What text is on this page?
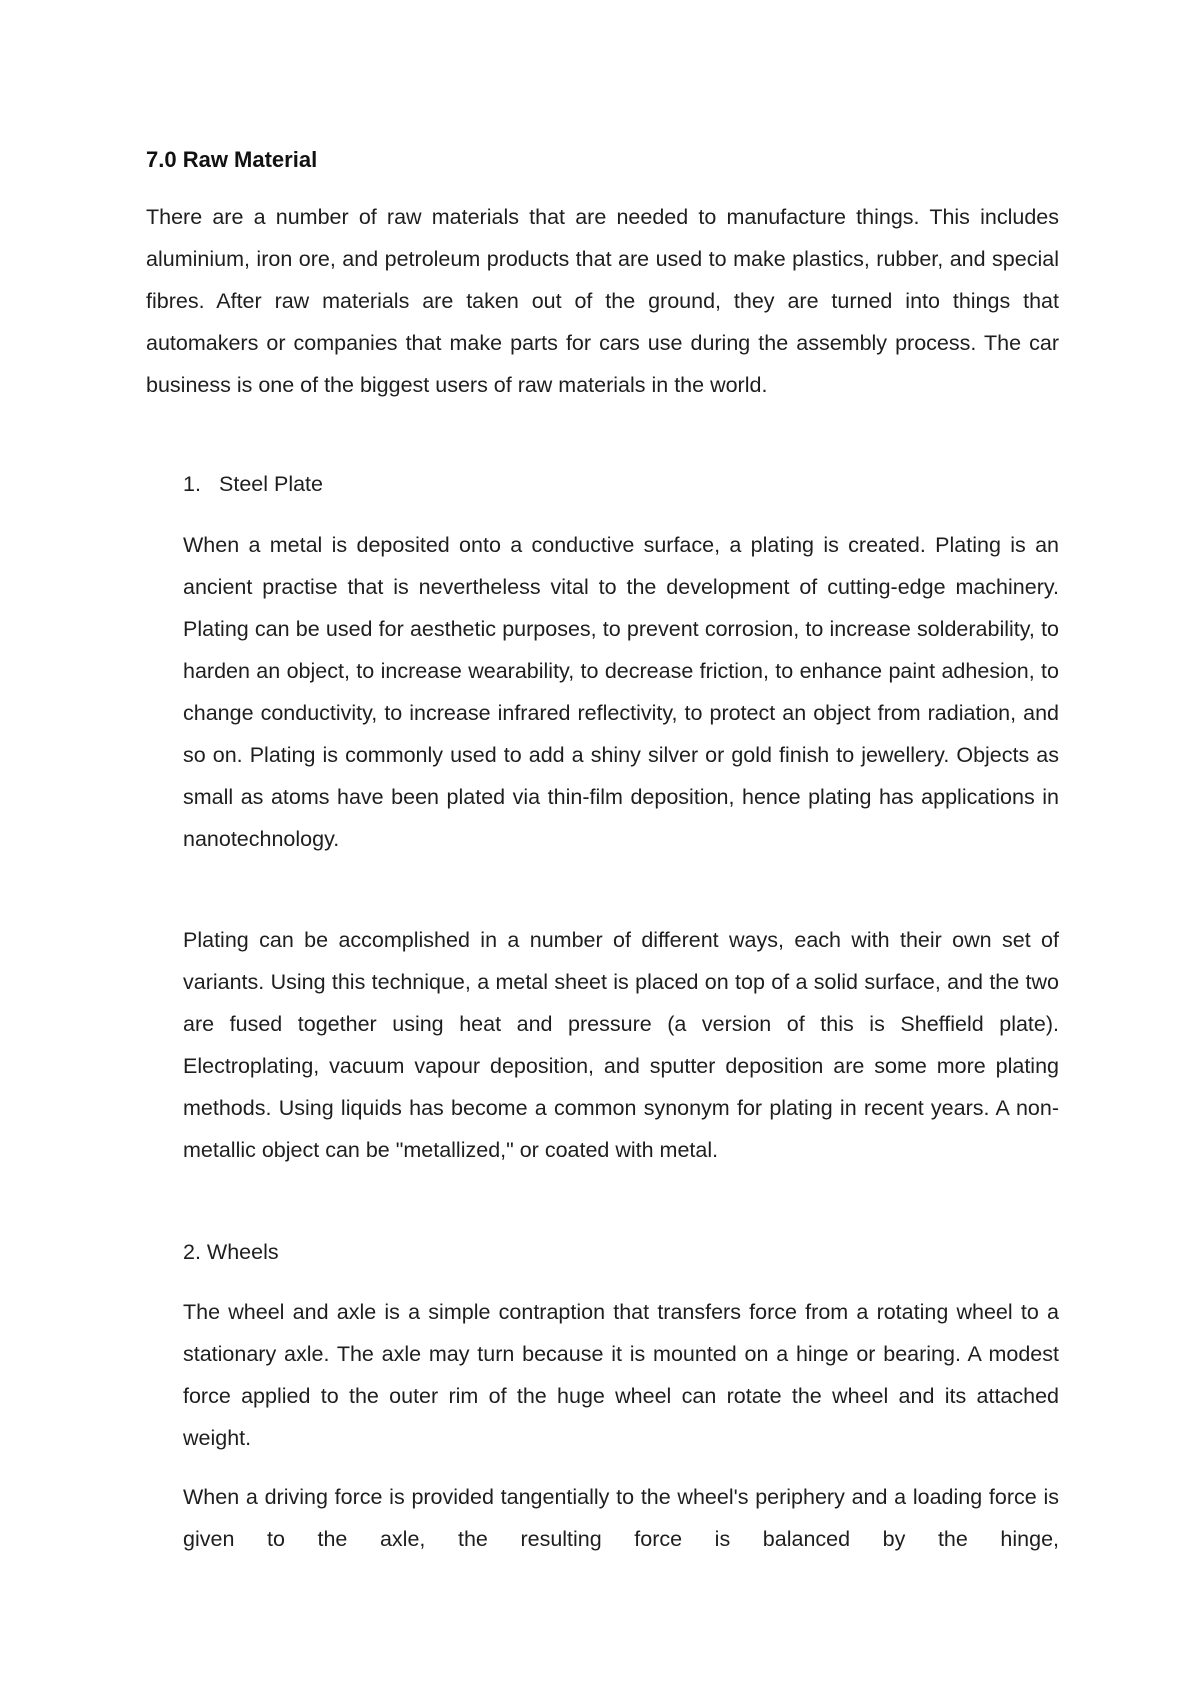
7.0 Raw Material

There are a number of raw materials that are needed to manufacture things. This includes aluminium, iron ore, and petroleum products that are used to make plastics, rubber, and special fibres. After raw materials are taken out of the ground, they are turned into things that automakers or companies that make parts for cars use during the assembly process. The car business is one of the biggest users of raw materials in the world.

1. Steel Plate

When a metal is deposited onto a conductive surface, a plating is created. Plating is an ancient practise that is nevertheless vital to the development of cutting-edge machinery. Plating can be used for aesthetic purposes, to prevent corrosion, to increase solderability, to harden an object, to increase wearability, to decrease friction, to enhance paint adhesion, to change conductivity, to increase infrared reflectivity, to protect an object from radiation, and so on. Plating is commonly used to add a shiny silver or gold finish to jewellery. Objects as small as atoms have been plated via thin-film deposition, hence plating has applications in nanotechnology.

Plating can be accomplished in a number of different ways, each with their own set of variants. Using this technique, a metal sheet is placed on top of a solid surface, and the two are fused together using heat and pressure (a version of this is Sheffield plate). Electroplating, vacuum vapour deposition, and sputter deposition are some more plating methods. Using liquids has become a common synonym for plating in recent years. A non-metallic object can be "metallized," or coated with metal.

2. Wheels

The wheel and axle is a simple contraption that transfers force from a rotating wheel to a stationary axle. The axle may turn because it is mounted on a hinge or bearing. A modest force applied to the outer rim of the huge wheel can rotate the wheel and its attached weight.

When a driving force is provided tangentially to the wheel's periphery and a loading force is given to the axle, the resulting force is balanced by the hinge,
